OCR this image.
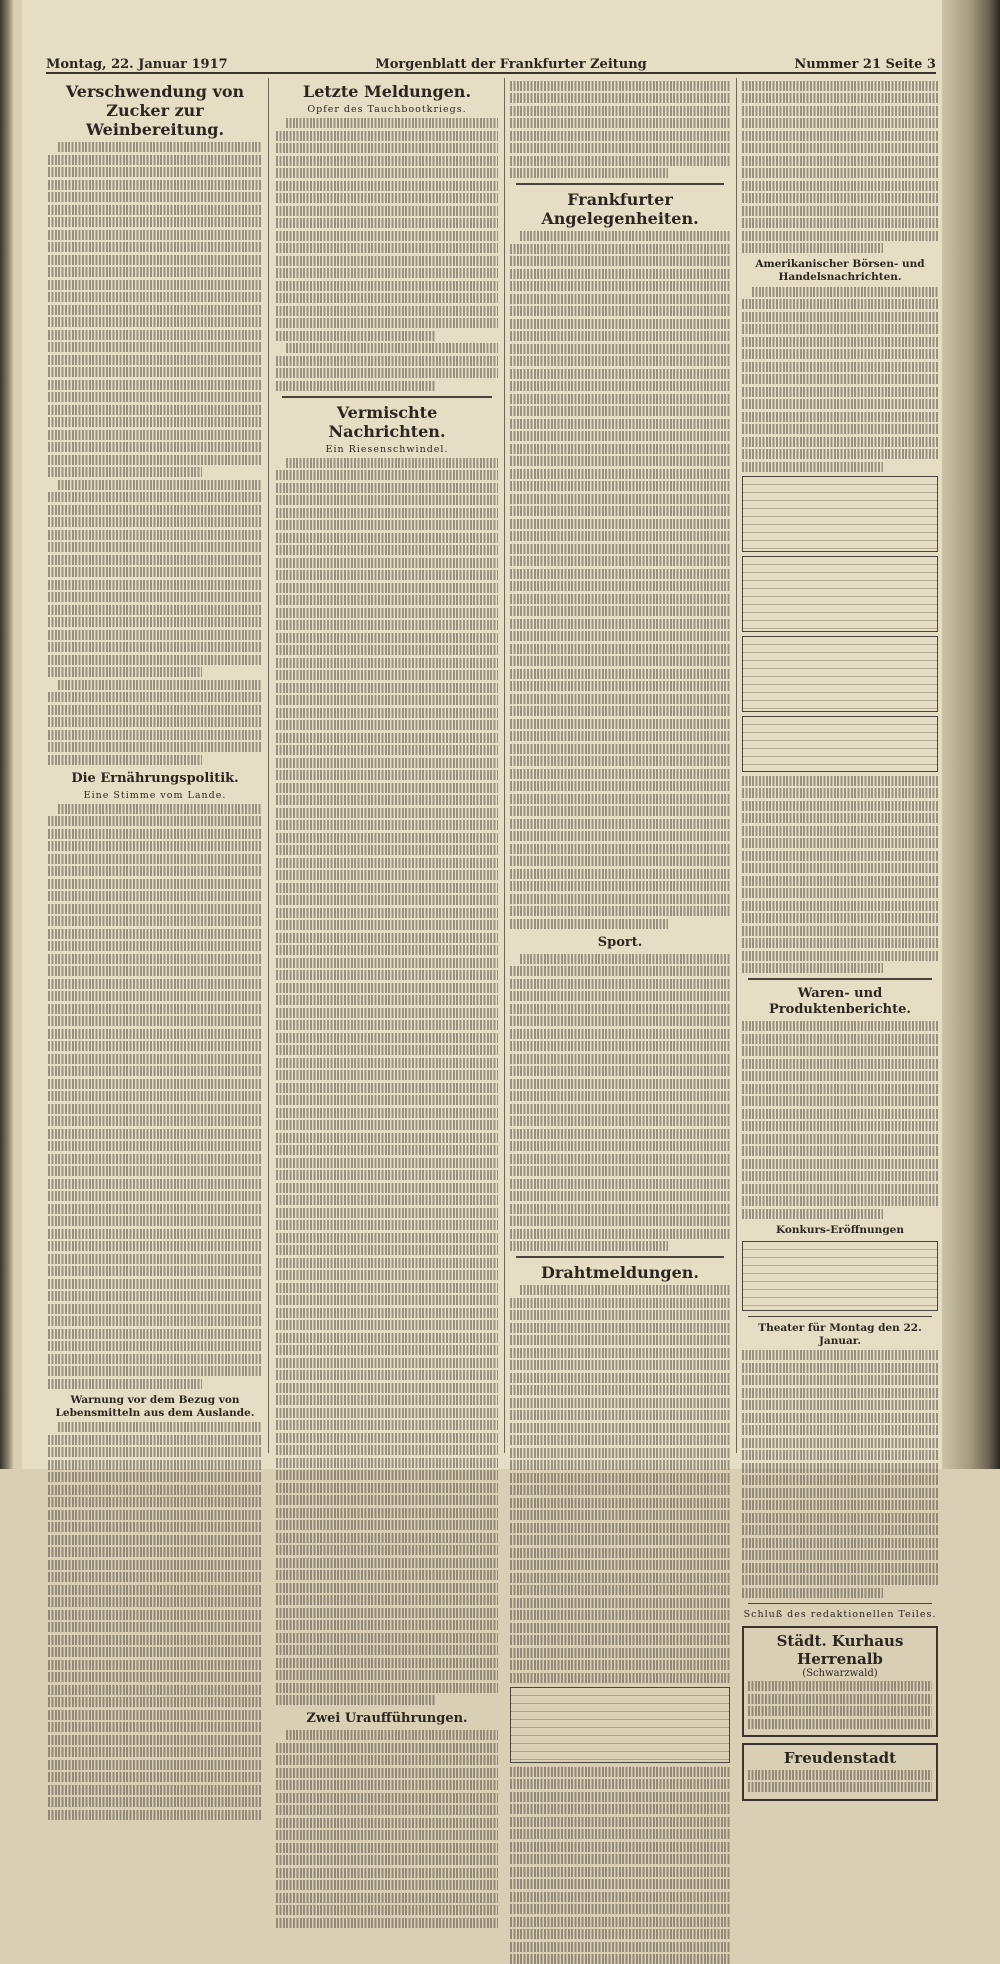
Montag, 22. Januar 1917	Morgenblatt der Frankfurter Zeitung	Nummer 21 Seite 3
Verschwendung von Zucker zur Weinbereitung.
Die Ernährungspolitik.
Eine Stimme vom Lande.
Warnung vor dem Bezug von Lebensmitteln aus dem Auslande.
Letzte Meldungen.
Opfer des Tauchbootkriegs.
Vermischte Nachrichten.
Ein Riesenschwindel.
Zwei Uraufführungen.
Frankfurter Angelegenheiten.
Sport.
Drahtmeldungen.
Amerikanischer Börsen- und Handelsnachrichten.
Waren- und Produktenberichte.
Konkurs-Eröffnungen
Theater für Montag den 22. Januar.
Schluß des redaktionellen Teiles.
Städt. Kurhaus Herrenalb
(Schwarzwald)
Freudenstadt
